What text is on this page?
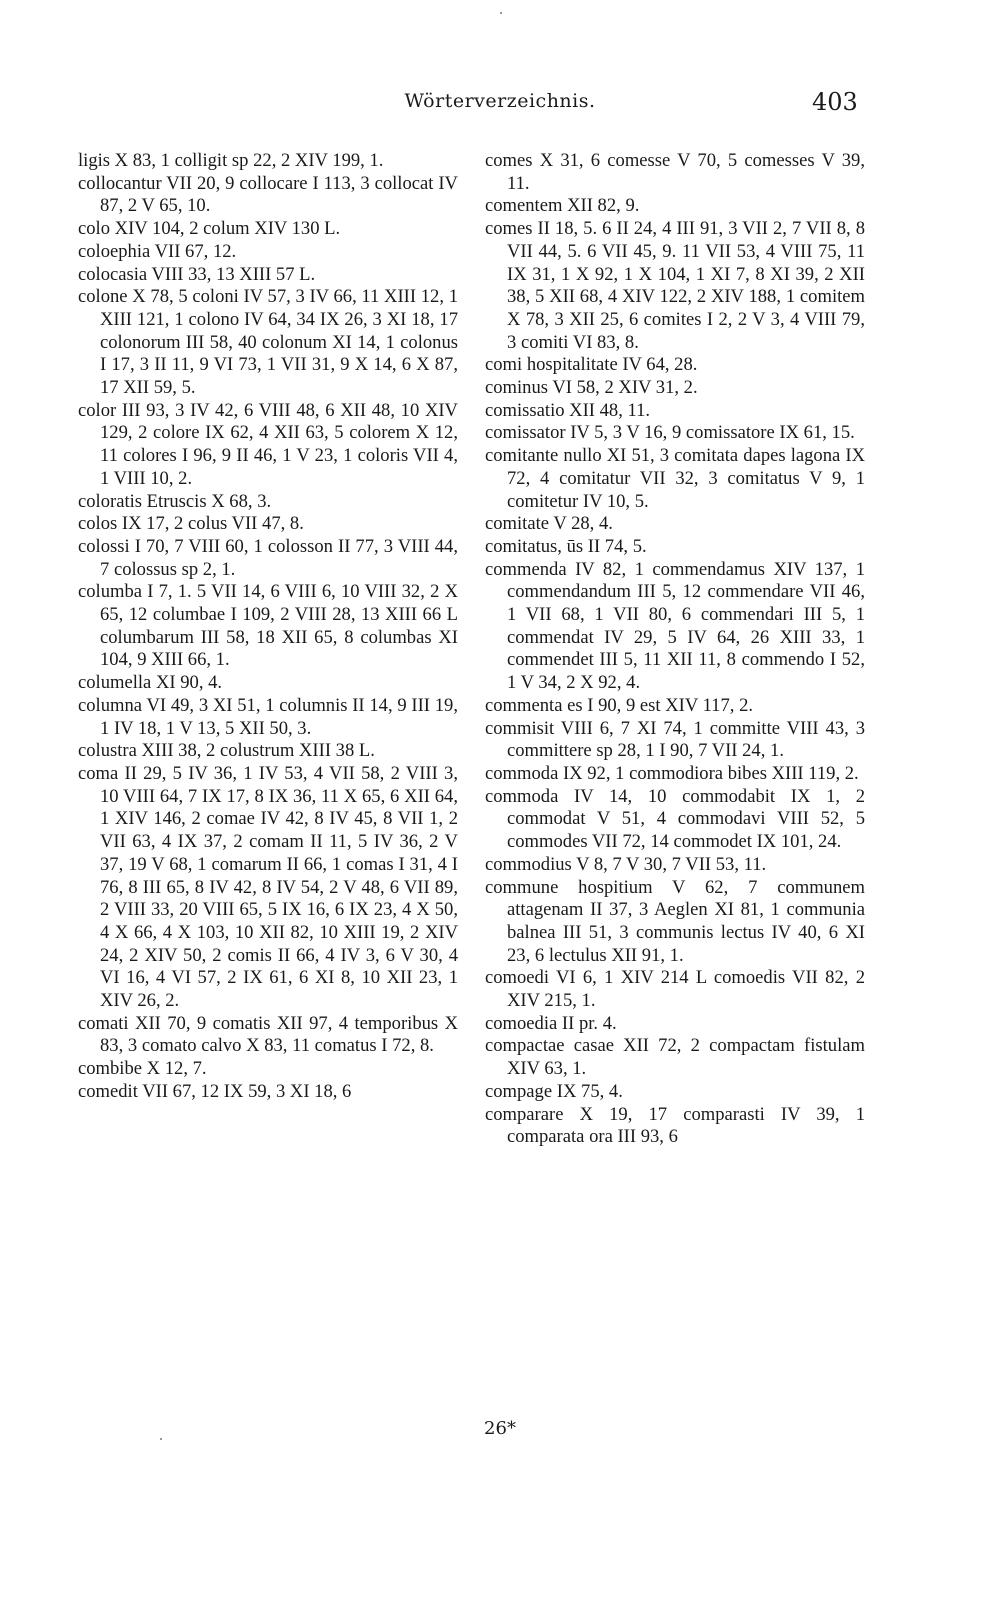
Wörterverzeichnis.	403

ligis X 83, 1 colligit sp 22, 2 XIV 199, 1.

collocantur VII 20, 9 collocare I 113, 3 collocat IV 87, 2 V 65, 10.

colo XIV 104, 2 colum XIV 130 L.

coloephia VII 67, 12.

colocasia VIII 33, 13 XIII 57 L.

colone X 78, 5 coloni IV 57, 3 IV 66, 11 XIII 12, 1 XIII 121, 1 colono IV 64, 34 IX 26, 3 XI 18, 17 colonorum III 58, 40 colonum XI 14, 1 colonus I 17, 3 II 11, 9 VI 73, 1 VII 31, 9 X 14, 6 X 87, 17 XII 59, 5.

color III 93, 3 IV 42, 6 VIII 48, 6 XII 48, 10 XIV 129, 2 colore IX 62, 4 XII 63, 5 colorem X 12, 11 colores I 96, 9 II 46, 1 V 23, 1 coloris VII 4, 1 VIII 10, 2.

coloratis Etruscis X 68, 3.

colos IX 17, 2 colus VII 47, 8.

colossi I 70, 7 VIII 60, 1 colosson II 77, 3 VIII 44, 7 colossus sp 2, 1.

columba I 7, 1. 5 VII 14, 6 VIII 6, 10 VIII 32, 2 X 65, 12 columbae I 109, 2 VIII 28, 13 XIII 66 L columbarum III 58, 18 XII 65, 8 columbas XI 104, 9 XIII 66, 1.

columella XI 90, 4.

columna VI 49, 3 XI 51, 1 columnis II 14, 9 III 19, 1 IV 18, 1 V 13, 5 XII 50, 3.

colustra XIII 38, 2 colustrum XIII 38 L.

coma II 29, 5 IV 36, 1 IV 53, 4 VII 58, 2 VIII 3, 10 VIII 64, 7 IX 17, 8 IX 36, 11 X 65, 6 XII 64, 1 XIV 146, 2 comae IV 42, 8 IV 45, 8 VII 1, 2 VII 63, 4 IX 37, 2 comam II 11, 5 IV 36, 2 V 37, 19 V 68, 1 comarum II 66, 1 comas I 31, 4 I 76, 8 III 65, 8 IV 42, 8 IV 54, 2 V 48, 6 VII 89, 2 VIII 33, 20 VIII 65, 5 IX 16, 6 IX 23, 4 X 50, 4 X 66, 4 X 103, 10 XII 82, 10 XIII 19, 2 XIV 24, 2 XIV 50, 2 comis II 66, 4 IV 3, 6 V 30, 4 VI 16, 4 VI 57, 2 IX 61, 6 XI 8, 10 XII 23, 1 XIV 26, 2.

comati XII 70, 9 comatis XII 97, 4 temporibus X 83, 3 comato calvo X 83, 11 comatus I 72, 8.

combibe X 12, 7.

comedit VII 67, 12 IX 59, 3 XI 18, 6

comes X 31, 6 comesse V 70, 5 comesses V 39, 11.

comentem XII 82, 9.

comes II 18, 5. 6 II 24, 4 III 91, 3 VII 2, 7 VII 8, 8 VII 44, 5. 6 VII 45, 9. 11 VII 53, 4 VIII 75, 11 IX 31, 1 X 92, 1 X 104, 1 XI 7, 8 XI 39, 2 XII 38, 5 XII 68, 4 XIV 122, 2 XIV 188, 1 comitem X 78, 3 XII 25, 6 comites I 2, 2 V 3, 4 VIII 79, 3 comiti VI 83, 8.

comi hospitalitate IV 64, 28.

cominus VI 58, 2 XIV 31, 2.

comissatio XII 48, 11.

comissator IV 5, 3 V 16, 9 comissatore IX 61, 15.

comitante nullo XI 51, 3 comitata dapes lagona IX 72, 4 comitatur VII 32, 3 comitatus V 9, 1 comitetur IV 10, 5.

comitate V 28, 4.

comitatus, ūs II 74, 5.

commenda IV 82, 1 commendamus XIV 137, 1 commendandum III 5, 12 commendare VII 46, 1 VII 68, 1 VII 80, 6 commendari III 5, 1 commendat IV 29, 5 IV 64, 26 XIII 33, 1 commendet III 5, 11 XII 11, 8 commendo I 52, 1 V 34, 2 X 92, 4.

commenta es I 90, 9 est XIV 117, 2.

commisit VIII 6, 7 XI 74, 1 committe VIII 43, 3 committere sp 28, 1 I 90, 7 VII 24, 1.

commoda IX 92, 1 commodiora bibes XIII 119, 2.

commoda IV 14, 10 commodabit IX 1, 2 commodat V 51, 4 commodavi VIII 52, 5 commodes VII 72, 14 commodet IX 101, 24.

commodius V 8, 7 V 30, 7 VII 53, 11.

commune hospitium V 62, 7 communem attagenam II 37, 3 Aeglen XI 81, 1 communia balnea III 51, 3 communis lectus IV 40, 6 XI 23, 6 lectulus XII 91, 1.

comoedi VI 6, 1 XIV 214 L comoedis VII 82, 2 XIV 215, 1.

comoedia II pr. 4.

compactae casae XII 72, 2 compactam fistulam XIV 63, 1.

compage IX 75, 4.

comparare X 19, 17 comparasti IV 39, 1 comparata ora III 93, 6

26*
